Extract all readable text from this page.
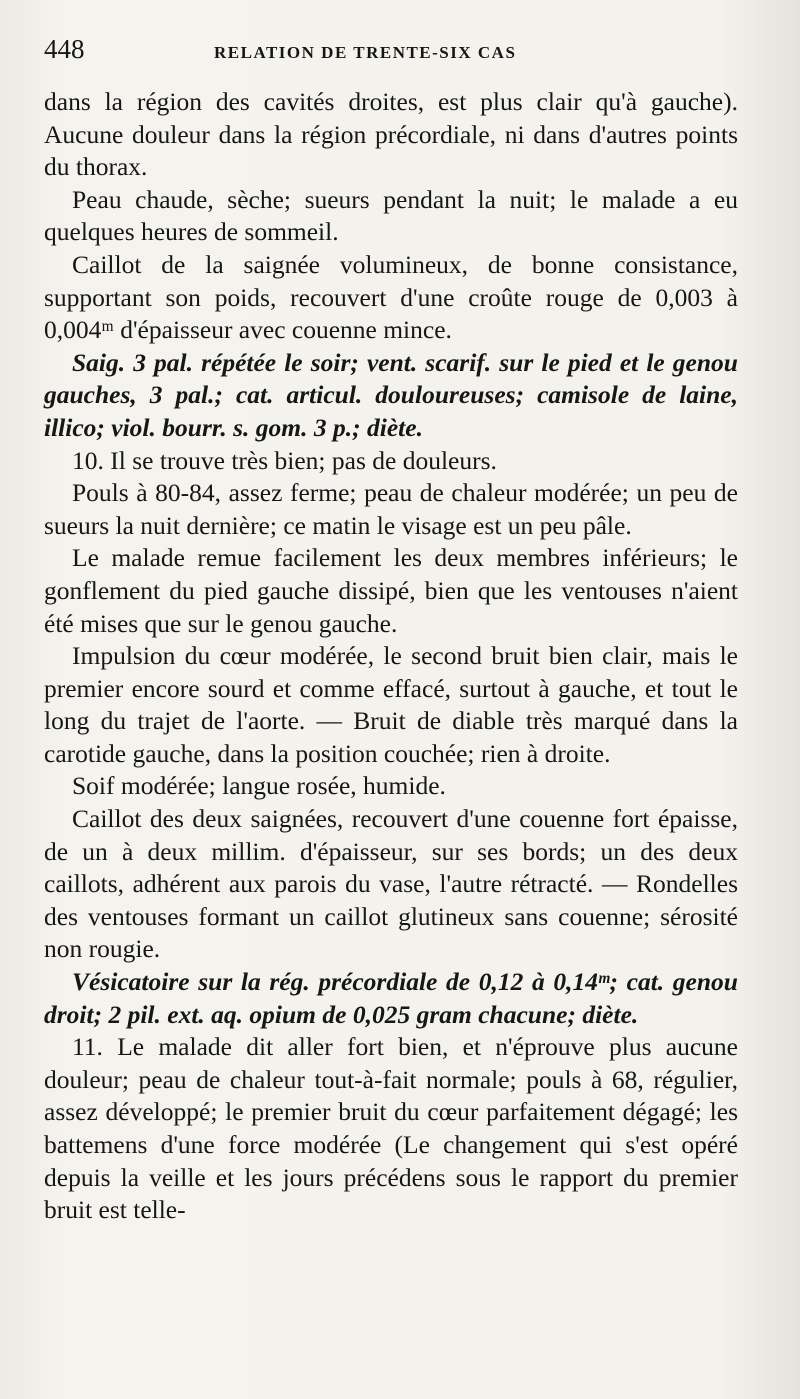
448	RELATION DE TRENTE-SIX CAS

dans la région des cavités droites, est plus clair qu'à gauche). Aucune douleur dans la région précordiale, ni dans d'autres points du thorax.

Peau chaude, sèche; sueurs pendant la nuit; le malade a eu quelques heures de sommeil.

Caillot de la saignée volumineux, de bonne consistance, supportant son poids, recouvert d'une croûte rouge de 0,003 à 0,004ᵐ d'épaisseur avec couenne mince.

Saig. 3 pal. répétée le soir; vent. scarif. sur le pied et le genou gauches, 3 pal.; cat. articul. douloureuses; camisole de laine, illico; viol. bourr. s. gom. 3 p.; diète.

10. Il se trouve très bien; pas de douleurs.

Pouls à 80-84, assez ferme; peau de chaleur modérée; un peu de sueurs la nuit dernière; ce matin le visage est un peu pâle.

Le malade remue facilement les deux membres inférieurs; le gonflement du pied gauche dissipé, bien que les ventouses n'aient été mises que sur le genou gauche.

Impulsion du cœur modérée, le second bruit bien clair, mais le premier encore sourd et comme effacé, surtout à gauche, et tout le long du trajet de l'aorte. — Bruit de diable très marqué dans la carotide gauche, dans la position couchée; rien à droite.

Soif modérée; langue rosée, humide.

Caillot des deux saignées, recouvert d'une couenne fort épaisse, de un à deux millim. d'épaisseur, sur ses bords; un des deux caillots, adhérent aux parois du vase, l'autre rétracté. — Rondelles des ventouses formant un caillot glutineux sans couenne; sérosité non rougie.

Vésicatoire sur la rég. précordiale de 0,12 à 0,14ᵐ; cat. genou droit; 2 pil. ext. aq. opium de 0,025 gram chacune; diète.

11. Le malade dit aller fort bien, et n'éprouve plus aucune douleur; peau de chaleur tout-à-fait normale; pouls à 68, régulier, assez développé; le premier bruit du cœur parfaitement dégagé; les battemens d'une force modérée (Le changement qui s'est opéré depuis la veille et les jours précédens sous le rapport du premier bruit est telle-
